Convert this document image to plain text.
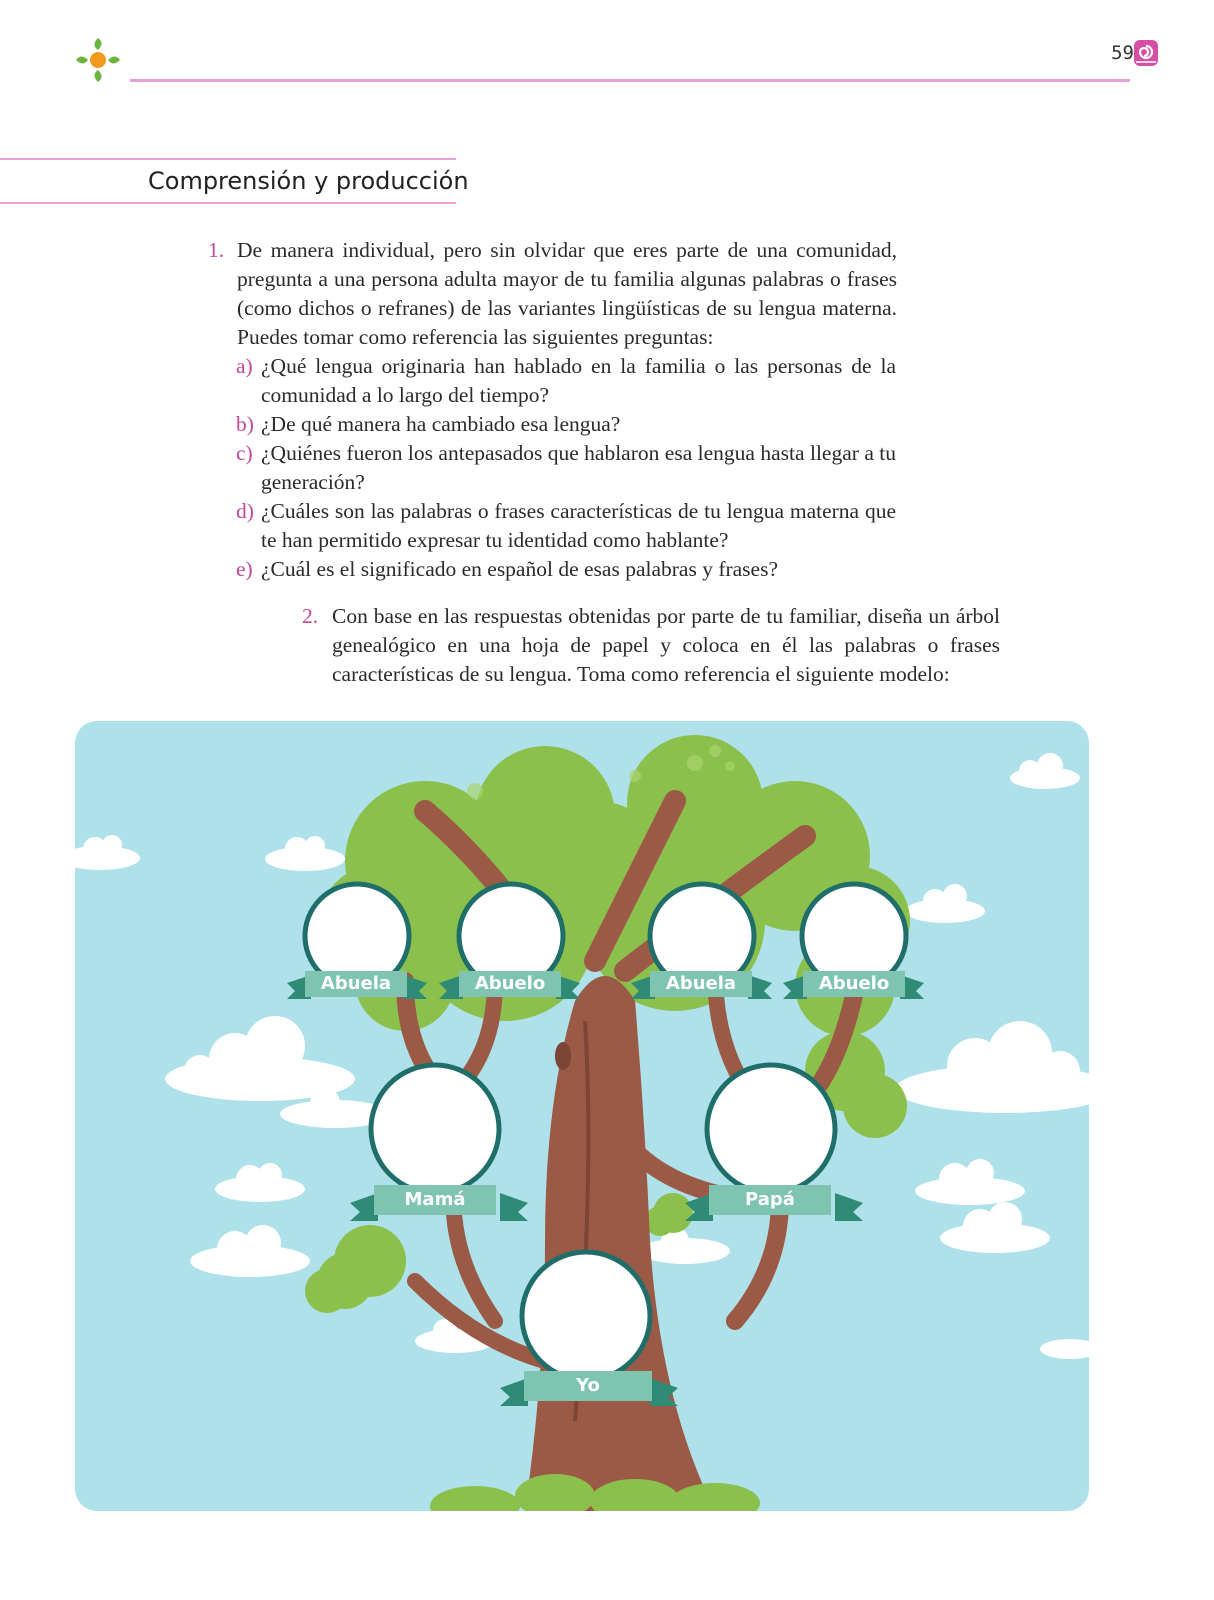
59
Comprensión y producción
1. De manera individual, pero sin olvidar que eres parte de una comunidad, pregunta a una persona adulta mayor de tu familia algunas palabras o frases (como dichos o refranes) de las variantes lingüísticas de su lengua materna. Puedes tomar como referencia las siguientes preguntas:
a) ¿Qué lengua originaria han hablado en la familia o las personas de la comunidad a lo largo del tiempo?
b) ¿De qué manera ha cambiado esa lengua?
c) ¿Quiénes fueron los antepasados que hablaron esa lengua hasta llegar a tu generación?
d) ¿Cuáles son las palabras o frases características de tu lengua materna que te han permitido expresar tu identidad como hablante?
e) ¿Cuál es el significado en español de esas palabras y frases?
2. Con base en las respuestas obtenidas por parte de tu familiar, diseña un árbol genealógico en una hoja de papel y coloca en él las palabras o frases características de su lengua. Toma como referencia el siguiente modelo:
Abuela	Abuelo	Abuela	Abuelo
Mamá	Papá
Yo
